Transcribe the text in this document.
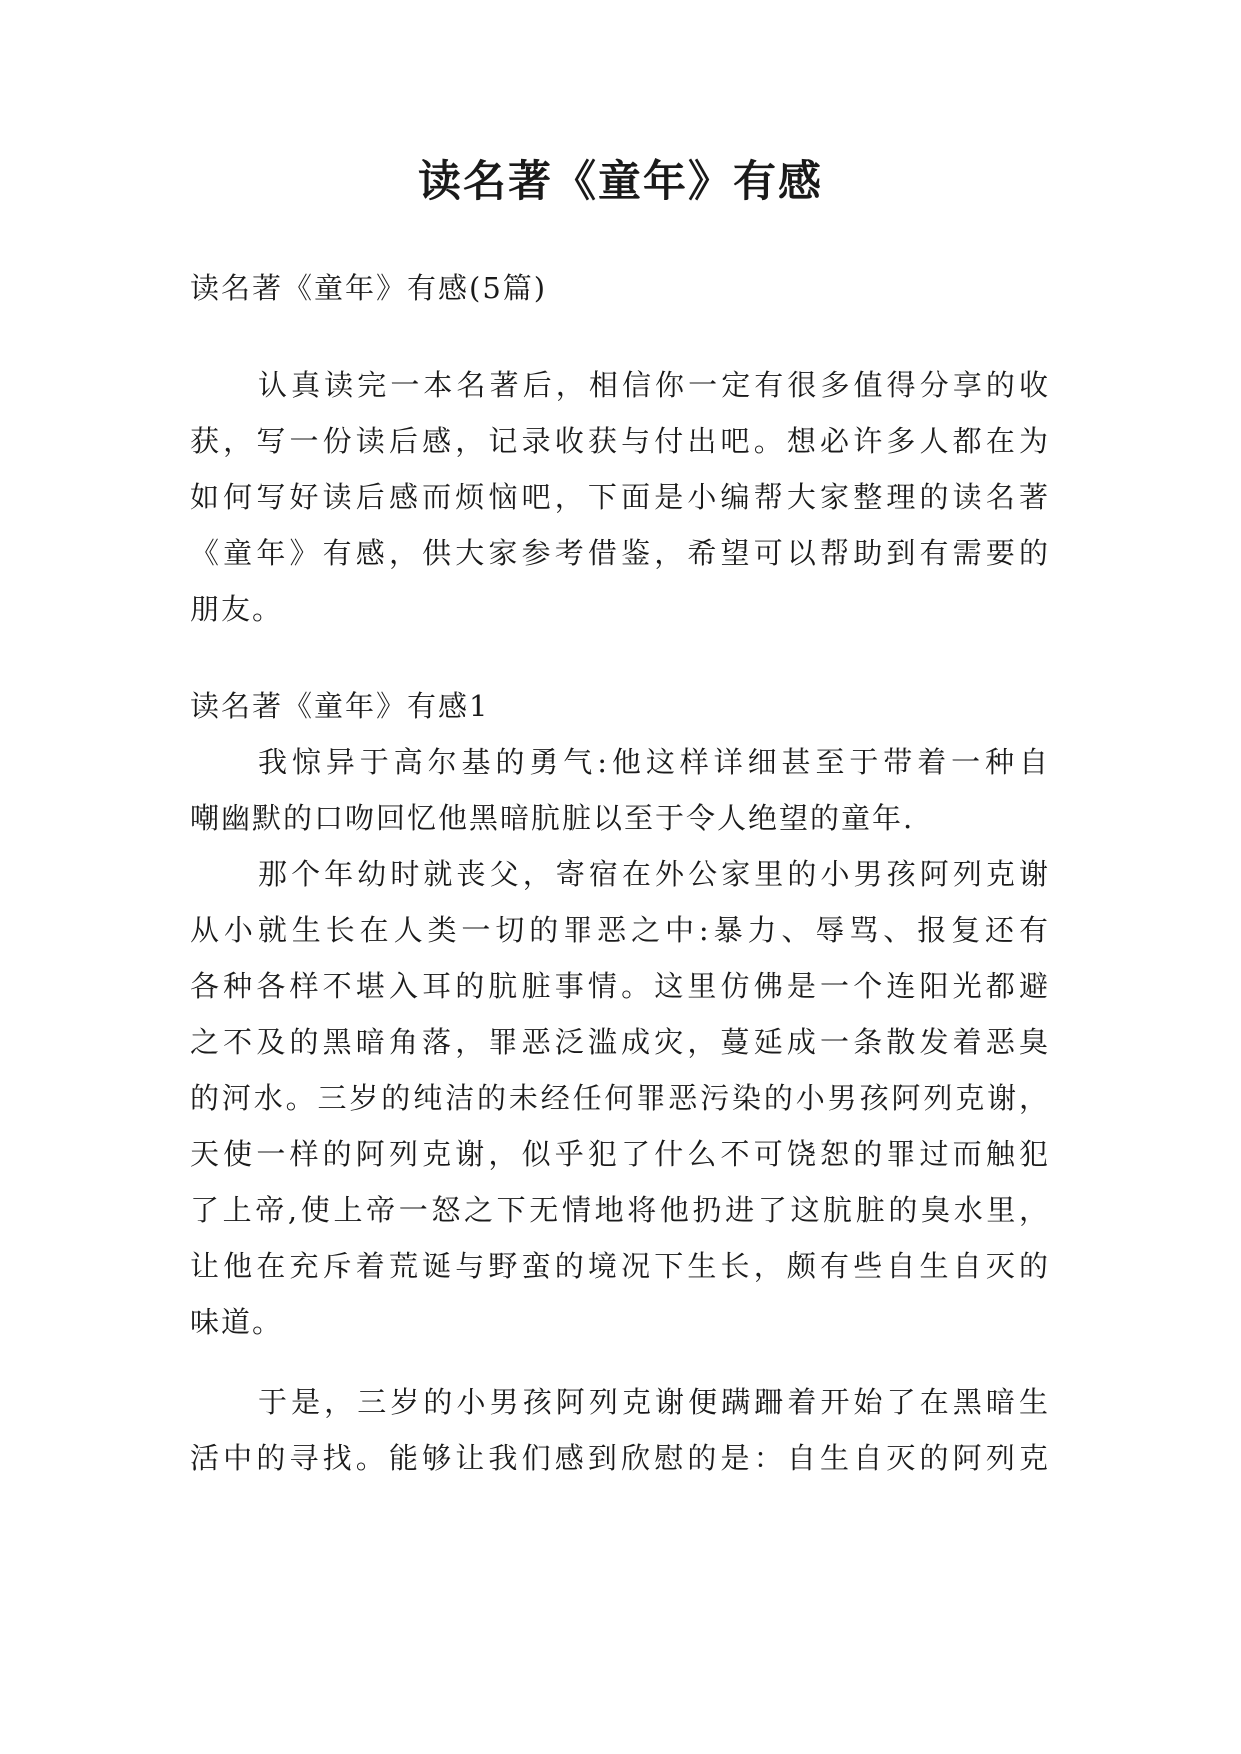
读名著《童年》有感
读名著《童年》有感(5篇)
认真读完一本名著后，相信你一定有很多值得分享的收
获，写一份读后感，记录收获与付出吧。想必许多人都在为
如何写好读后感而烦恼吧，下面是小编帮大家整理的读名著
《童年》有感，供大家参考借鉴，希望可以帮助到有需要的
朋友。
读名著《童年》有感1
我惊异于高尔基的勇气:他这样详细甚至于带着一种自
嘲幽默的口吻回忆他黑暗肮脏以至于令人绝望的童年.
那个年幼时就丧父，寄宿在外公家里的小男孩阿列克谢
从小就生长在人类一切的罪恶之中:暴力、辱骂、报复还有
各种各样不堪入耳的肮脏事情。这里仿佛是一个连阳光都避
之不及的黑暗角落，罪恶泛滥成灾，蔓延成一条散发着恶臭
的河水。三岁的纯洁的未经任何罪恶污染的小男孩阿列克谢，
天使一样的阿列克谢，似乎犯了什么不可饶恕的罪过而触犯
了上帝,使上帝一怒之下无情地将他扔进了这肮脏的臭水里，
让他在充斥着荒诞与野蛮的境况下生长，颇有些自生自灭的
味道。
于是，三岁的小男孩阿列克谢便蹒跚着开始了在黑暗生
活中的寻找。能够让我们感到欣慰的是：自生自灭的阿列克
